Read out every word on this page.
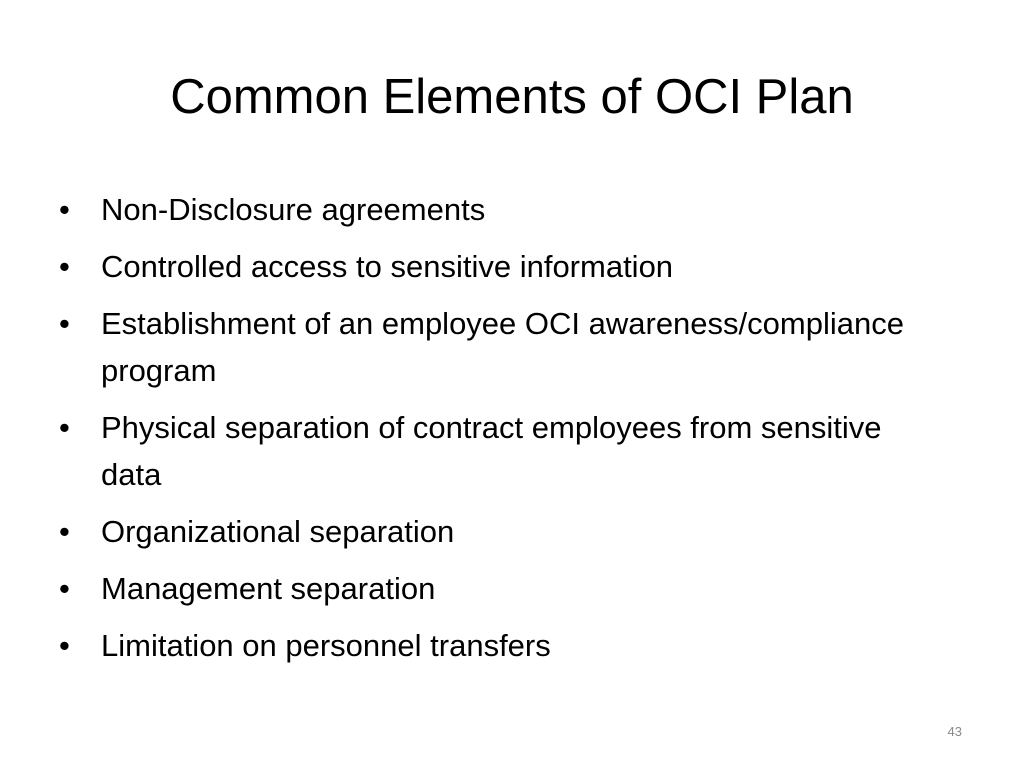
Common Elements of OCI Plan
• Non-Disclosure agreements
• Controlled access to sensitive information
• Establishment of an employee OCI awareness/compliance program
• Physical separation of contract employees from sensitive data
• Organizational separation
• Management separation
• Limitation on personnel transfers
43
